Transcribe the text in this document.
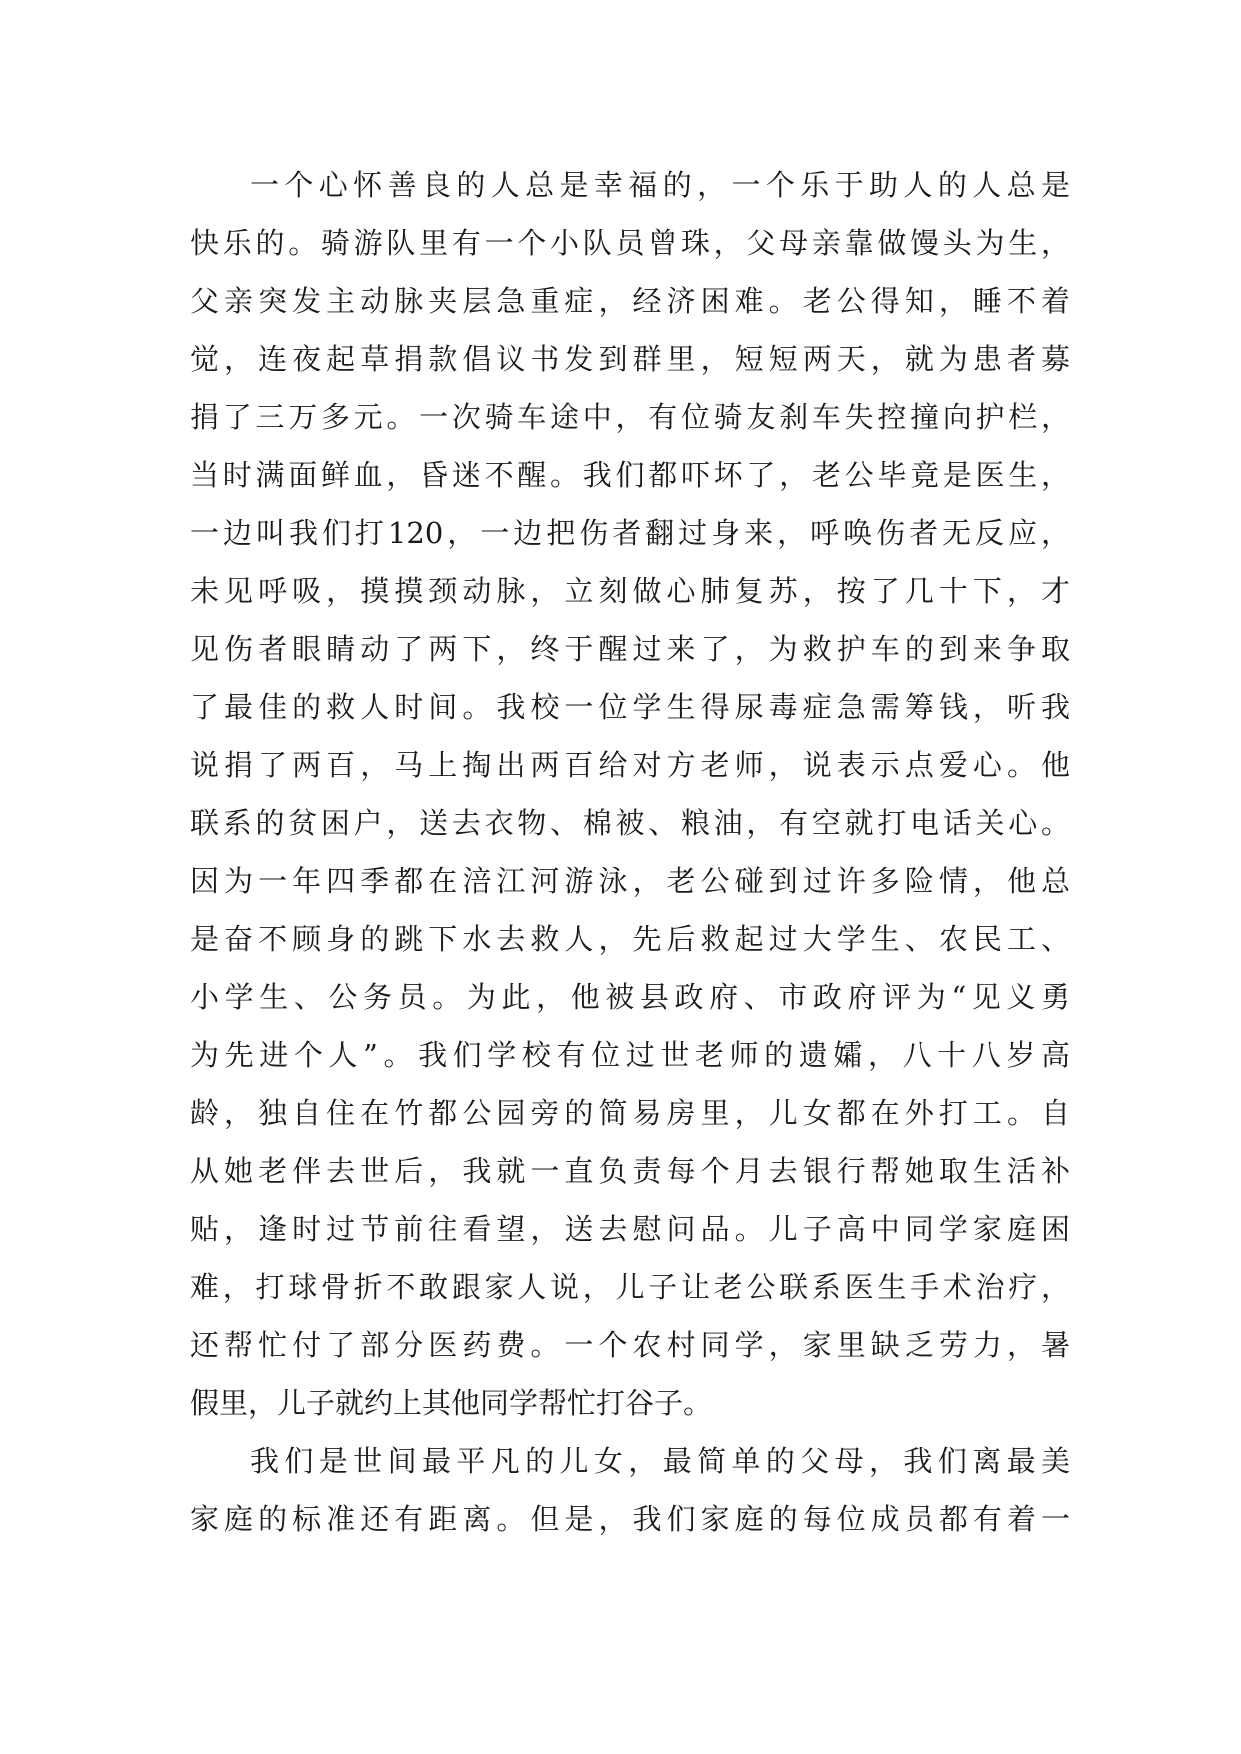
一个心怀善良的人总是幸福的，一个乐于助人的人总是
快乐的。骑游队里有一个小队员曾珠，父母亲靠做馒头为生，
父亲突发主动脉夹层急重症，经济困难。老公得知，睡不着
觉，连夜起草捐款倡议书发到群里，短短两天，就为患者募
捐了三万多元。一次骑车途中，有位骑友刹车失控撞向护栏，
当时满面鲜血，昏迷不醒。我们都吓坏了，老公毕竟是医生，
一边叫我们打120，一边把伤者翻过身来，呼唤伤者无反应，
未见呼吸，摸摸颈动脉，立刻做心肺复苏，按了几十下，才
见伤者眼睛动了两下，终于醒过来了，为救护车的到来争取
了最佳的救人时间。我校一位学生得尿毒症急需筹钱，听我
说捐了两百，马上掏出两百给对方老师，说表示点爱心。他
联系的贫困户，送去衣物、棉被、粮油，有空就打电话关心。
因为一年四季都在涪江河游泳，老公碰到过许多险情，他总
是奋不顾身的跳下水去救人，先后救起过大学生、农民工、
小学生、公务员。为此，他被县政府、市政府评为“见义勇
为先进个人”。我们学校有位过世老师的遗孀，八十八岁高
龄，独自住在竹都公园旁的简易房里，儿女都在外打工。自
从她老伴去世后，我就一直负责每个月去银行帮她取生活补
贴，逢时过节前往看望，送去慰问品。儿子高中同学家庭困
难，打球骨折不敢跟家人说，儿子让老公联系医生手术治疗，
还帮忙付了部分医药费。一个农村同学，家里缺乏劳力，暑
假里，儿子就约上其他同学帮忙打谷子。
我们是世间最平凡的儿女，最简单的父母，我们离最美
家庭的标准还有距离。但是，我们家庭的每位成员都有着一
